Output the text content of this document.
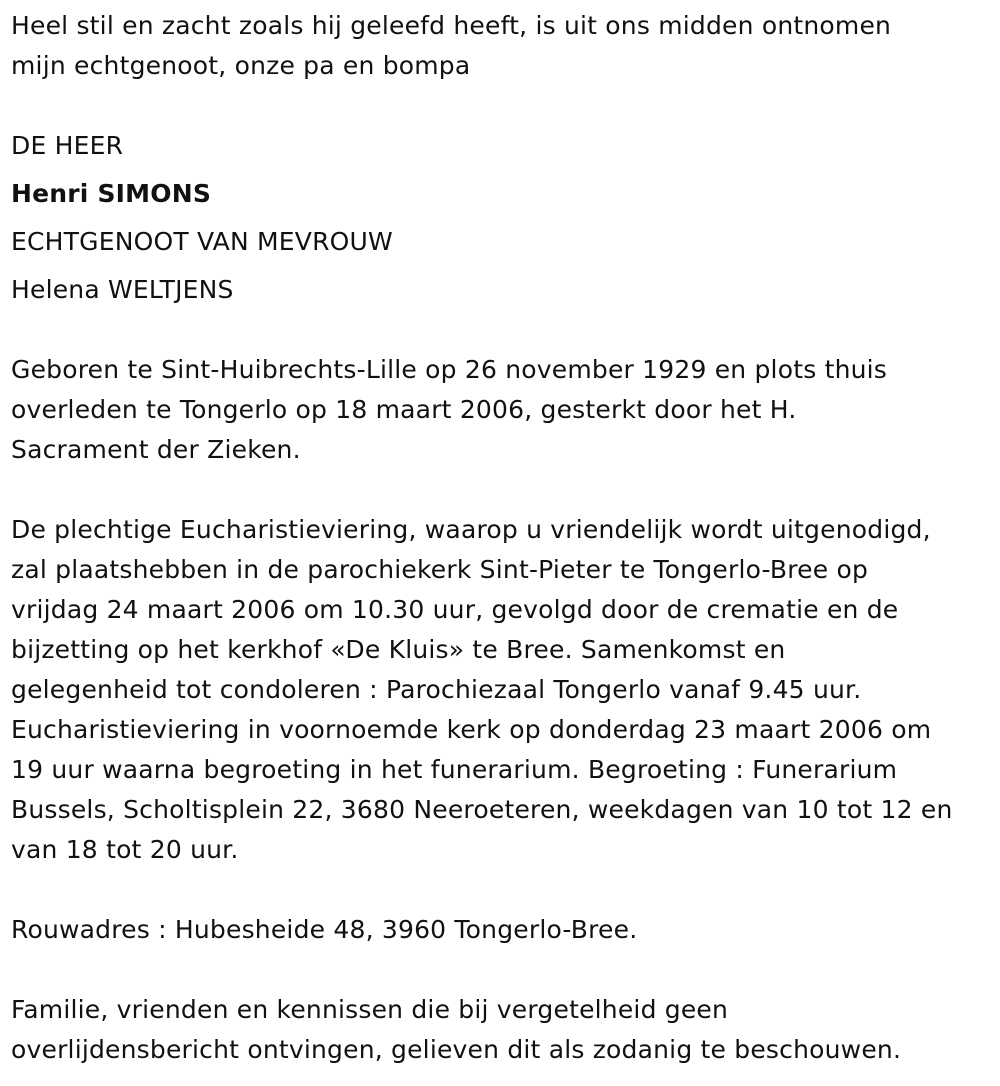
Heel stil en zacht zoals hij geleefd heeft, is uit ons midden ontnomen
mijn echtgenoot, onze pa en bompa

DE HEER

Henri SIMONS

ECHTGENOOT VAN MEVROUW

Helena WELTJENS

Geboren te Sint-Huibrechts-Lille op 26 november 1929 en plots thuis
overleden te Tongerlo op 18 maart 2006, gesterkt door het H.
Sacrament der Zieken.

De plechtige Eucharistieviering, waarop u vriendelijk wordt uitgenodigd,
zal plaatshebben in de parochiekerk Sint-Pieter te Tongerlo-Bree op
vrijdag 24 maart 2006 om 10.30 uur, gevolgd door de crematie en de
bijzetting op het kerkhof «De Kluis» te Bree. Samenkomst en
gelegenheid tot condoleren : Parochiezaal Tongerlo vanaf 9.45 uur.
Eucharistieviering in voornoemde kerk op donderdag 23 maart 2006 om
19 uur waarna begroeting in het funerarium. Begroeting : Funerarium
Bussels, Scholtisplein 22, 3680 Neeroeteren, weekdagen van 10 tot 12 en
van 18 tot 20 uur.

Rouwadres : Hubesheide 48, 3960 Tongerlo-Bree.

Familie, vrienden en kennissen die bij vergetelheid geen
overlijdensbericht ontvingen, gelieven dit als zodanig te beschouwen.
